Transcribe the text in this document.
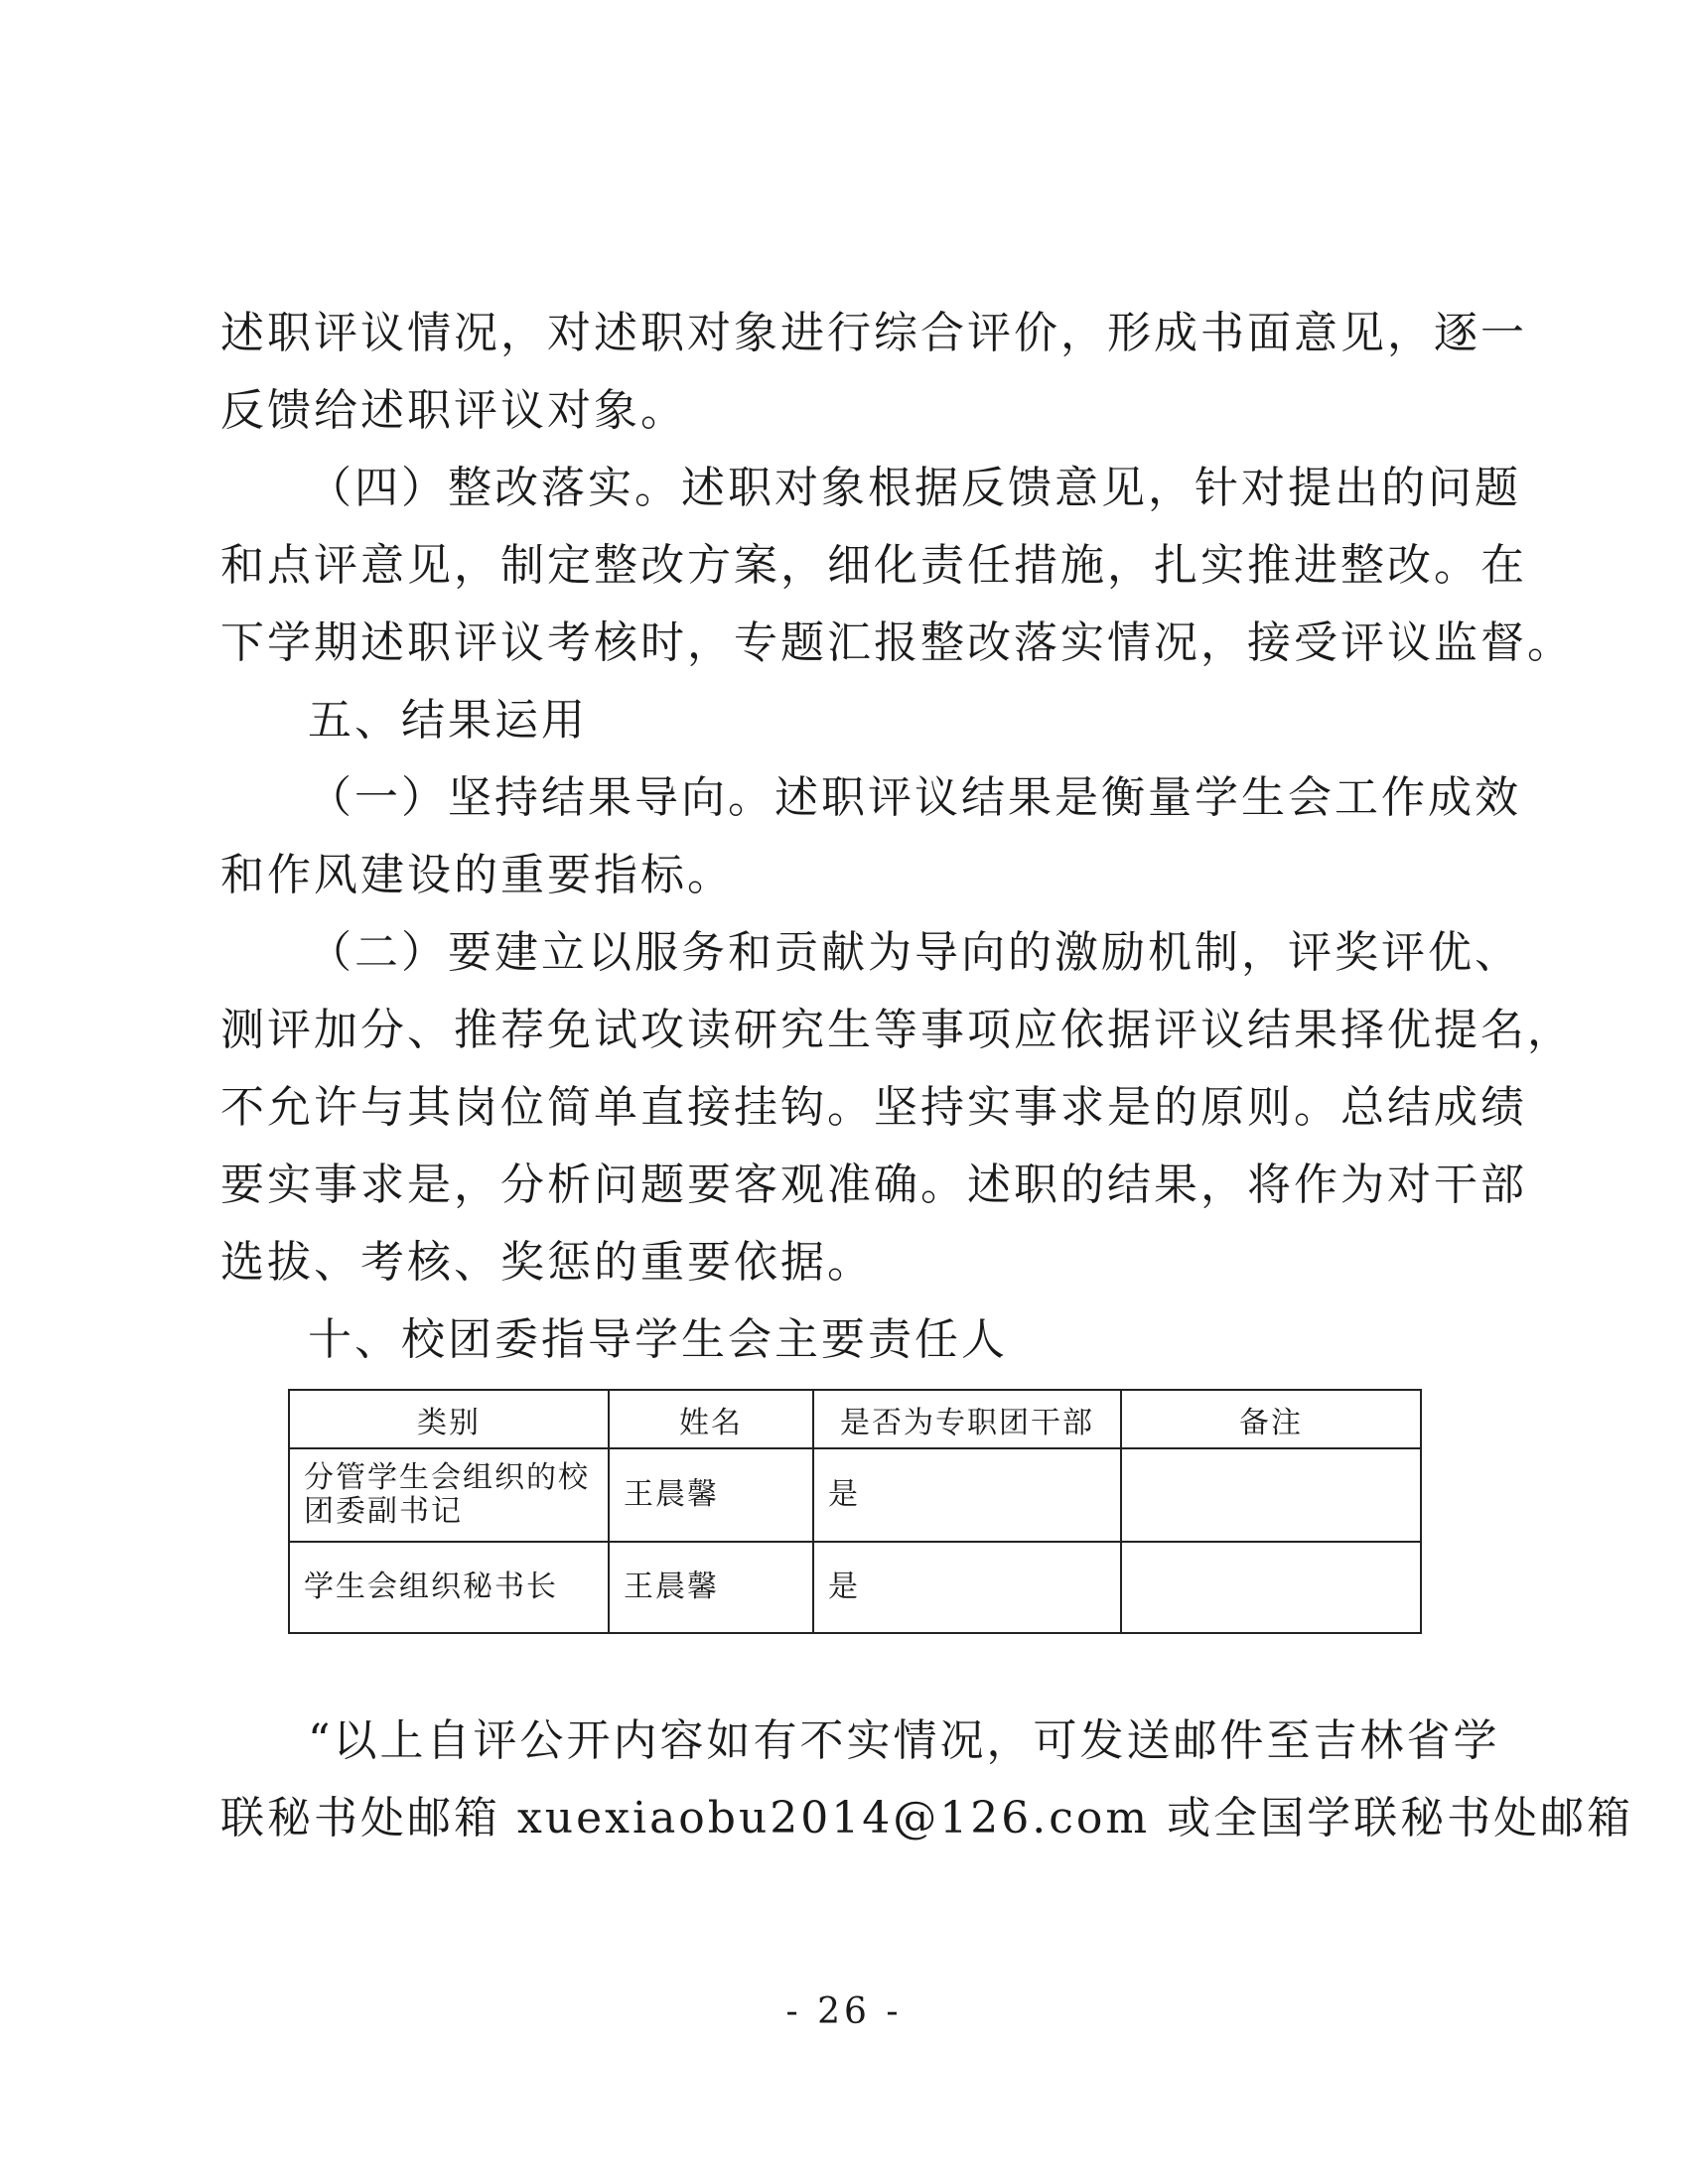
述职评议情况，对述职对象进行综合评价，形成书面意见，逐一
反馈给述职评议对象。
（四）整改落实。述职对象根据反馈意见，针对提出的问题
和点评意见，制定整改方案，细化责任措施，扎实推进整改。在
下学期述职评议考核时，专题汇报整改落实情况，接受评议监督。
五、结果运用
（一）坚持结果导向。述职评议结果是衡量学生会工作成效
和作风建设的重要指标。
（二）要建立以服务和贡献为导向的激励机制，评奖评优、
测评加分、推荐免试攻读研究生等事项应依据评议结果择优提名，
不允许与其岗位简单直接挂钩。坚持实事求是的原则。总结成绩
要实事求是，分析问题要客观准确。述职的结果，将作为对干部
选拔、考核、奖惩的重要依据。
十、校团委指导学生会主要责任人
类别	姓名	是否为专职团干部	备注
分管学生会组织的校团委副书记	王晨馨	是	
学生会组织秘书长	王晨馨	是	
“以上自评公开内容如有不实情况，可发送邮件至吉林省学
联秘书处邮箱 xuexiaobu2014@126.com 或全国学联秘书处邮箱
- 26 -
